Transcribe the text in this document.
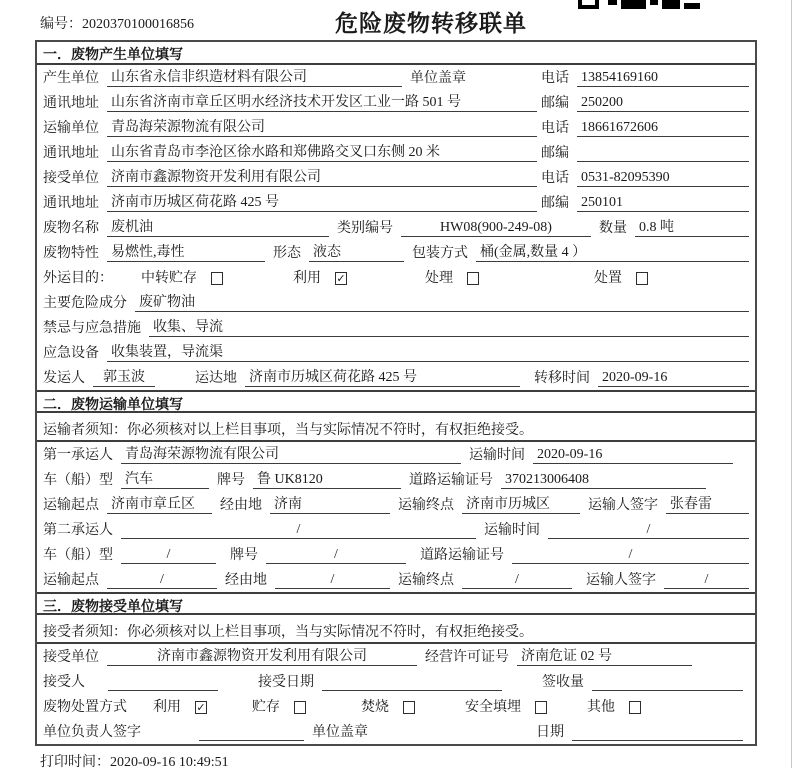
编号：2020370100016856	危险废物转移联单
一．废物产生单位填写
产生单位 山东省永信非织造材料有限公司	单位盖章	电话 13854169160
通讯地址 山东省济南市章丘区明水经济技术开发区工业一路 501 号	邮编 250200
运输单位 青岛海荣源物流有限公司	电话 18661672606
通讯地址 山东省青岛市李沧区徐水路和郑佛路交叉口东侧 20 米	邮编
接受单位 济南市鑫源物资开发利用有限公司	电话 0531-82095390
通讯地址 济南市历城区荷花路 425 号	邮编 250101
废物名称 废机油	类别编号	HW08(900-249-08)	数量 0.8 吨
废物特性 易燃性,毒性	形态 液态	包装方式 桶(金属,数量 4 ）
外运目的： 中转贮存	利用 ✓	处理	处置
主要危险成分 废矿物油
禁忌与应急措施 收集、导流
应急设备 收集装置，导流渠
发运人	郭玉波	运达地 济南市历城区荷花路 425 号	转移时间 2020-09-16
二．废物运输单位填写
运输者须知：你必须核对以上栏目事项，当与实际情况不符时，有权拒绝接受。
第一承运人 青岛海荣源物流有限公司	运输时间 2020-09-16
车（船）型 汽车	牌号 鲁 UK8120	道路运输证号 370213006408
运输起点 济南市章丘区	经由地 济南	运输终点 济南市历城区	运输人签字 张春雷
第二承运人	/	运输时间	/
车（船）型	/	牌号	/	道路运输证号	/
运输起点	/	经由地	/	运输终点	/	运输人签字	/
三．废物接受单位填写
接受者须知：你必须核对以上栏目事项，当与实际情况不符时，有权拒绝接受。
接受单位	济南市鑫源物资开发利用有限公司	经营许可证号 济南危证 02 号
接受人	接受日期	签收量
废物处置方式 利用 ✓	贮存	焚烧	安全填埋	其他
单位负责人签字	单位盖章	日期
打印时间：2020-09-16 10:49:51
